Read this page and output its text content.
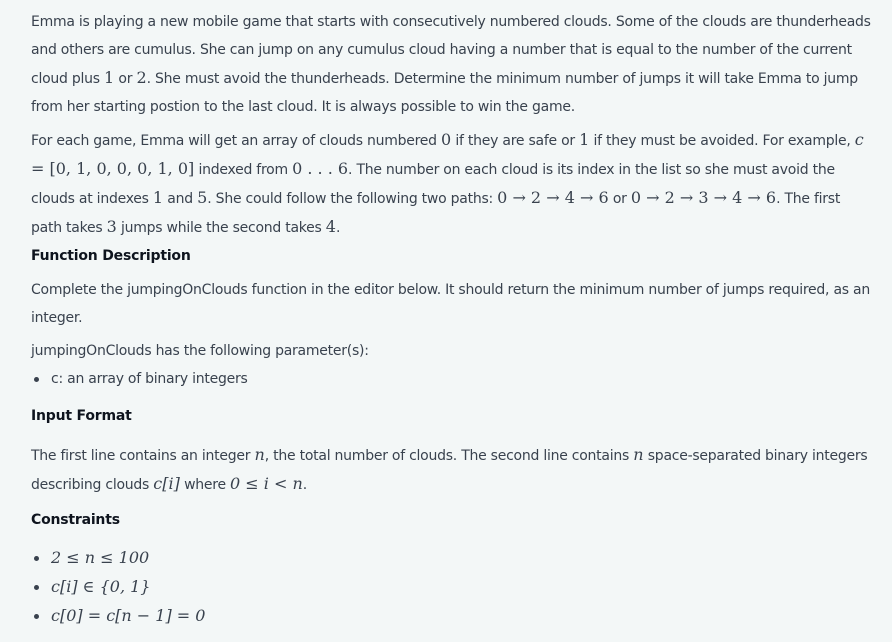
Emma is playing a new mobile game that starts with consecutively numbered clouds. Some of the clouds are thunderheads and others are cumulus. She can jump on any cumulus cloud having a number that is equal to the number of the current cloud plus 1 or 2. She must avoid the thunderheads. Determine the minimum number of jumps it will take Emma to jump from her starting postion to the last cloud. It is always possible to win the game.

For each game, Emma will get an array of clouds numbered 0 if they are safe or 1 if they must be avoided. For example, c = [0, 1, 0, 0, 0, 1, 0] indexed from 0 . . . 6. The number on each cloud is its index in the list so she must avoid the clouds at indexes 1 and 5. She could follow the following two paths: 0 → 2 → 4 → 6 or 0 → 2 → 3 → 4 → 6. The first path takes 3 jumps while the second takes 4.

Function Description

Complete the jumpingOnClouds function in the editor below. It should return the minimum number of jumps required, as an integer.

jumpingOnClouds has the following parameter(s):

c: an array of binary integers
Input Format

The first line contains an integer n, the total number of clouds. The second line contains n space-separated binary integers describing clouds c[i] where 0 ≤ i < n.

Constraints
2 ≤ n ≤ 100
c[i] ∈ {0, 1}
c[0] = c[n − 1] = 0
